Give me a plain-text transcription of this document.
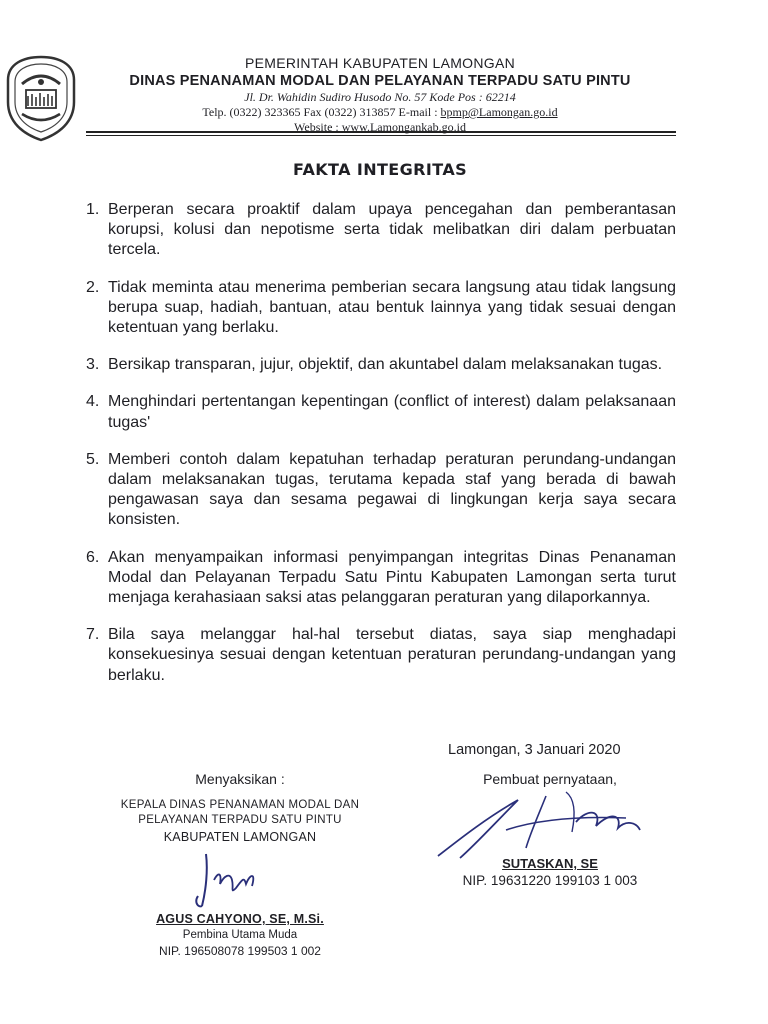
PEMERINTAH KABUPATEN LAMONGAN
DINAS PENANAMAN MODAL DAN PELAYANAN TERPADU SATU PINTU
Jl. Dr. Wahidin Sudiro Husodo No. 57 Kode Pos : 62214
Telp. (0322) 323365 Fax (0322) 313857 E-mail : bpmp@Lamongan.go.id
Website : www.Lamongankab.go.id
FAKTA INTEGRITAS
1. Berperan secara proaktif dalam upaya pencegahan dan pemberantasan korupsi, kolusi dan nepotisme serta tidak melibatkan diri dalam perbuatan tercela.
2. Tidak meminta atau menerima pemberian secara langsung atau tidak langsung berupa suap, hadiah, bantuan, atau bentuk lainnya yang tidak sesuai dengan ketentuan yang berlaku.
3. Bersikap transparan, jujur, objektif, dan akuntabel dalam melaksanakan tugas.
4. Menghindari pertentangan kepentingan (conflict of interest) dalam pelaksanaan tugas'
5. Memberi contoh dalam kepatuhan terhadap peraturan perundang-undangan dalam melaksanakan tugas, terutama kepada staf yang berada di bawah pengawasan saya dan sesama pegawai di lingkungan kerja saya secara konsisten.
6. Akan menyampaikan informasi penyimpangan integritas Dinas Penanaman Modal dan Pelayanan Terpadu Satu Pintu Kabupaten Lamongan serta turut menjaga kerahasiaan saksi atas pelanggaran peraturan yang dilaporkannya.
7. Bila saya melanggar hal-hal tersebut diatas, saya siap menghadapi konsekuesinya sesuai dengan ketentuan peraturan perundang-undangan yang berlaku.
Lamongan, 3 Januari 2020
Menyaksikan :
KEPALA DINAS PENANAMAN MODAL DAN
PELAYANAN TERPADU SATU PINTU
KABUPATEN LAMONGAN
AGUS CAHYONO, SE, M.Si.
Pembina Utama Muda
NIP. 196508078 199503 1 002
Pembuat pernyataan,
SUTASKAN, SE
NIP. 19631220 199103 1 003
